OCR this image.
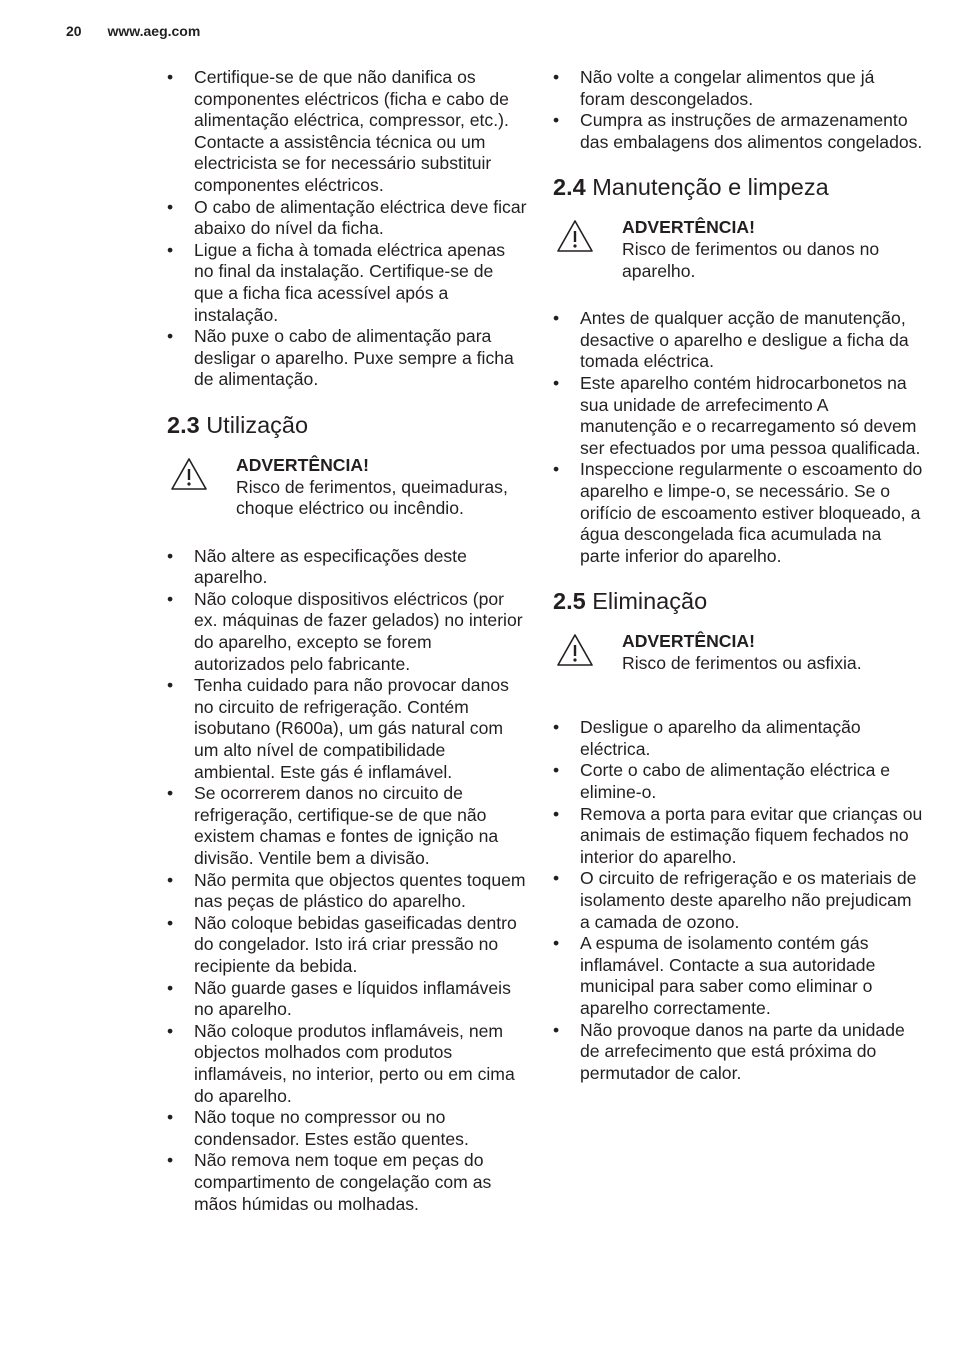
20 www.aeg.com
• Certifique-se de que não danifica os componentes eléctricos (ficha e cabo de alimentação eléctrica, compressor, etc.). Contacte a assistência técnica ou um electricista se for necessário substituir componentes eléctricos.
• O cabo de alimentação eléctrica deve ficar abaixo do nível da ficha.
• Ligue a ficha à tomada eléctrica apenas no final da instalação. Certifique-se de que a ficha fica acessível após a instalação.
• Não puxe o cabo de alimentação para desligar o aparelho. Puxe sempre a ficha de alimentação.
2.3 Utilização
ADVERTÊNCIA!
Risco de ferimentos, queimaduras, choque eléctrico ou incêndio.
• Não altere as especificações deste aparelho.
• Não coloque dispositivos eléctricos (por ex. máquinas de fazer gelados) no interior do aparelho, excepto se forem autorizados pelo fabricante.
• Tenha cuidado para não provocar danos no circuito de refrigeração. Contém isobutano (R600a), um gás natural com um alto nível de compatibilidade ambiental. Este gás é inflamável.
• Se ocorrerem danos no circuito de refrigeração, certifique-se de que não existem chamas e fontes de ignição na divisão. Ventile bem a divisão.
• Não permita que objectos quentes toquem nas peças de plástico do aparelho.
• Não coloque bebidas gaseificadas dentro do congelador. Isto irá criar pressão no recipiente da bebida.
• Não guarde gases e líquidos inflamáveis no aparelho.
• Não coloque produtos inflamáveis, nem objectos molhados com produtos inflamáveis, no interior, perto ou em cima do aparelho.
• Não toque no compressor ou no condensador. Estes estão quentes.
• Não remova nem toque em peças do compartimento de congelação com as mãos húmidas ou molhadas.
• Não volte a congelar alimentos que já foram descongelados.
• Cumpra as instruções de armazenamento das embalagens dos alimentos congelados.
2.4 Manutenção e limpeza
ADVERTÊNCIA!
Risco de ferimentos ou danos no aparelho.
• Antes de qualquer acção de manutenção, desactive o aparelho e desligue a ficha da tomada eléctrica.
• Este aparelho contém hidrocarbonetos na sua unidade de arrefecimento A manutenção e o recarregamento só devem ser efectuados por uma pessoa qualificada.
• Inspeccione regularmente o escoamento do aparelho e limpe-o, se necessário. Se o orifício de escoamento estiver bloqueado, a água descongelada fica acumulada na parte inferior do aparelho.
2.5 Eliminação
ADVERTÊNCIA!
Risco de ferimentos ou asfixia.
• Desligue o aparelho da alimentação eléctrica.
• Corte o cabo de alimentação eléctrica e elimine-o.
• Remova a porta para evitar que crianças ou animais de estimação fiquem fechados no interior do aparelho.
• O circuito de refrigeração e os materiais de isolamento deste aparelho não prejudicam a camada de ozono.
• A espuma de isolamento contém gás inflamável. Contacte a sua autoridade municipal para saber como eliminar o aparelho correctamente.
• Não provoque danos na parte da unidade de arrefecimento que está próxima do permutador de calor.
